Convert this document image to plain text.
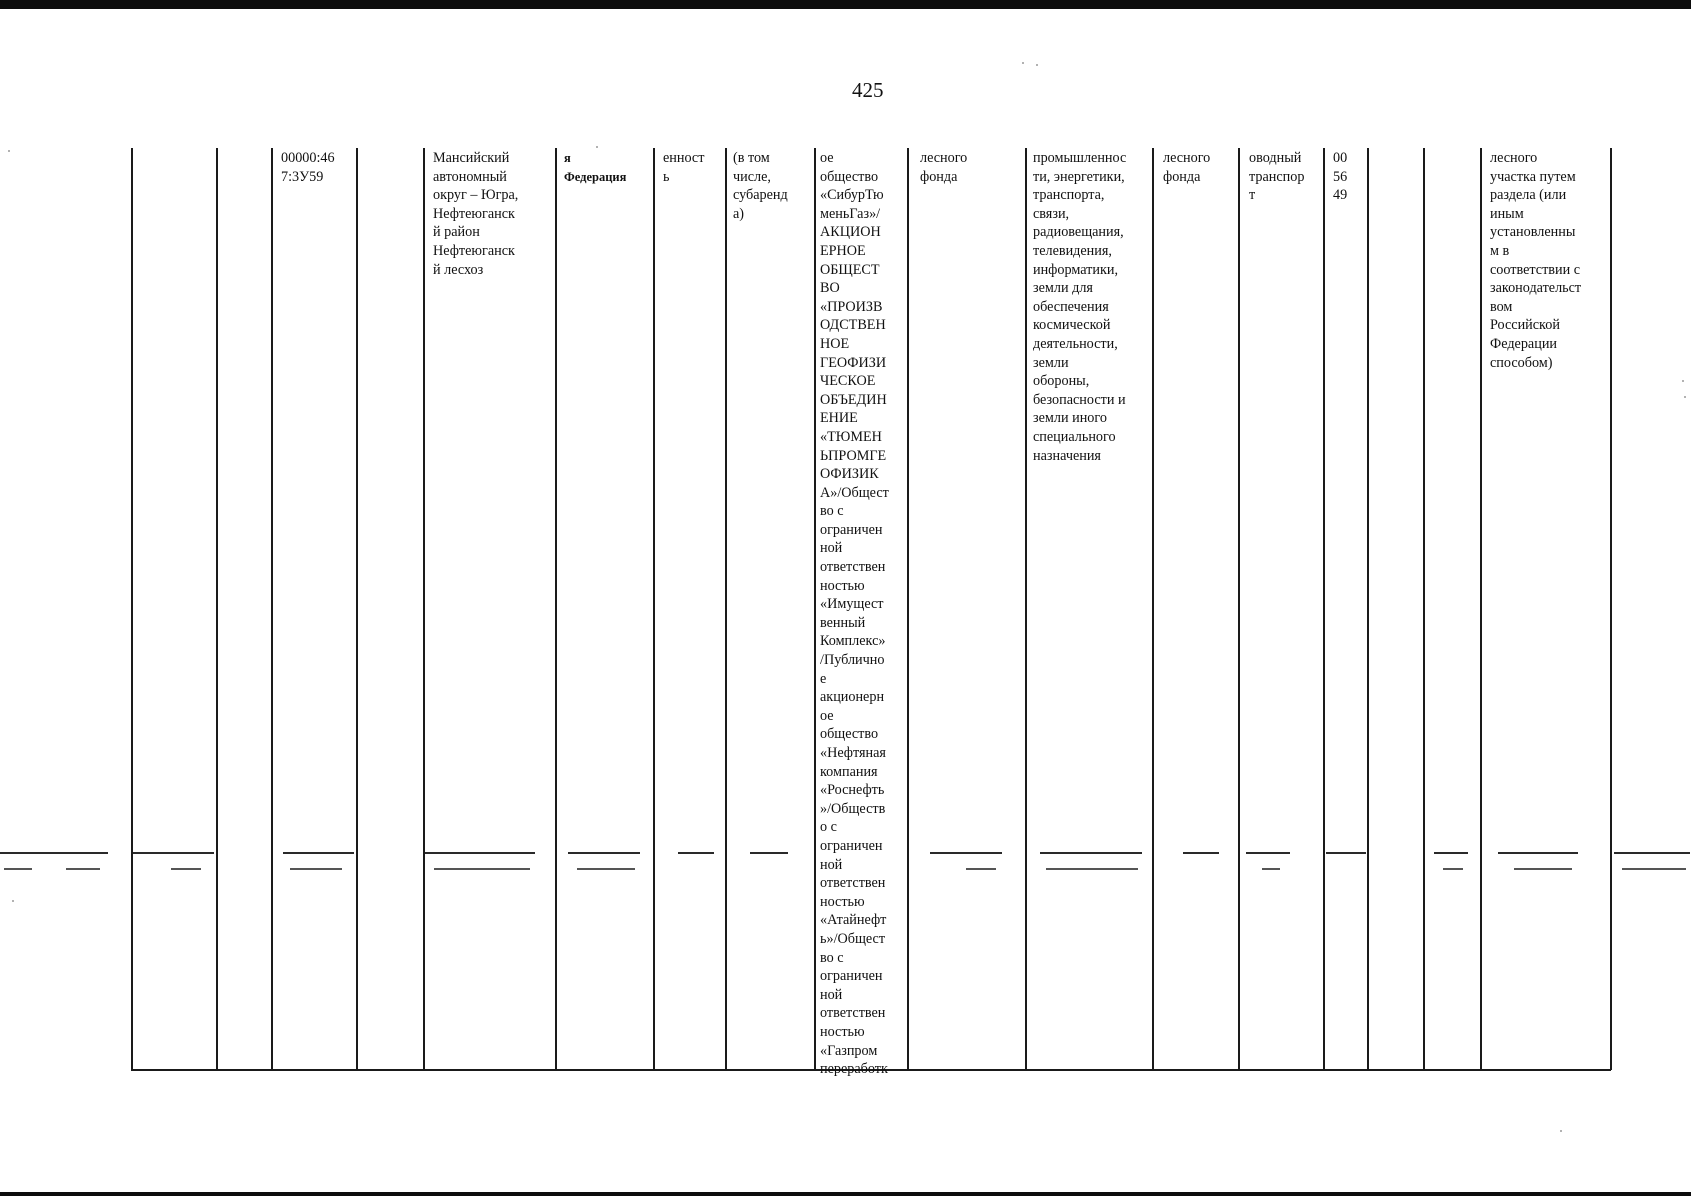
425
00000:46
7:3У59
Мансийский
автономный
округ – Югра,
Нефтеюганск
й район
Нефтеюганск
й лесхоз
я
Федерация
енност
ь
(в том
числе,
субаренд
а)
ое
общество
«СибурТю
меньГаз»/
АКЦИОН
ЕРНОЕ
ОБЩЕСТ
ВО
«ПРОИЗВ
ОДСТВЕН
НОЕ
ГЕОФИЗИ
ЧЕСКОЕ
ОБЪЕДИН
ЕНИЕ
«ТЮМЕН
ЬПРОМГЕ
ОФИЗИК
А»/Общест
во с
ограничен
ной
ответствен
ностью
«Имущест
венный
Комплекс»
/Публично
е
акционерн
ое
общество
«Нефтяная
компания
«Роснефть
»/Обществ
о с
ограничен
ной
ответствен
ностью
«Атайнефт
ь»/Общест
во с
ограничен
ной
ответствен
ностью
«Газпром
переработк
лесного
фонда
промышленнос
ти, энергетики,
транспорта,
связи,
радиовещания,
телевидения,
информатики,
земли для
обеспечения
космической
деятельности,
земли
обороны,
безопасности и
земли иного
специального
назначения
лесного
фонда
оводный
транспор
т
00
56
49
лесного
участка путем
раздела (или
иным
установленны
м в
соответствии с
законодательст
вом
Российской
Федерации
способом)
